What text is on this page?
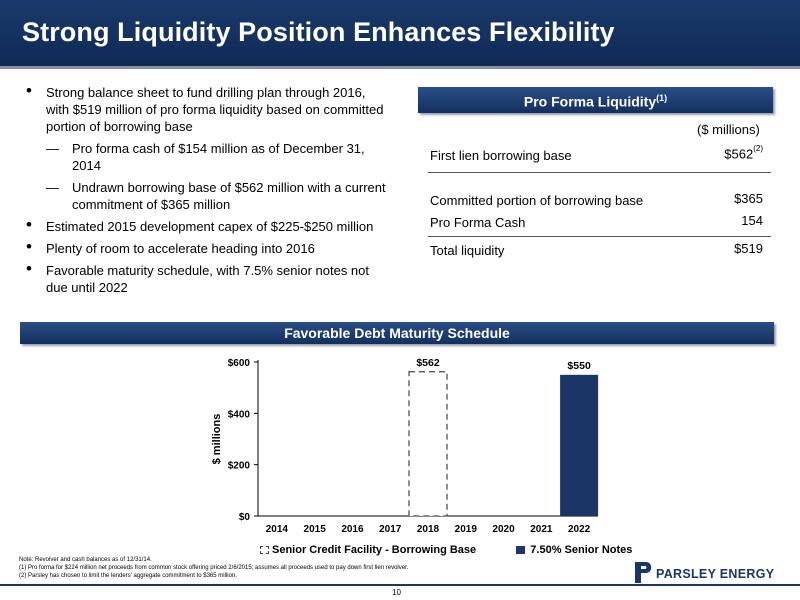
Strong Liquidity Position Enhances Flexibility
• Strong balance sheet to fund drilling plan through 2016, with $519 million of pro forma liquidity based on committed portion of borrowing base
— Pro forma cash of $154 million as of December 31, 2014
— Undrawn borrowing base of $562 million with a current commitment of $365 million
• Estimated 2015 development capex of $225-$250 million
• Plenty of room to accelerate heading into 2016
• Favorable maturity schedule, with 7.5% senior notes not due until 2022
Pro Forma Liquidity$^{(1)}$
($ millions)
First lien borrowing base	$562$^{(2)}$
Committed portion of borrowing base	$365
Pro Forma Cash	154
Total liquidity	$519
Favorable Debt Maturity Schedule
$0
$200
$400
$600
$ millions
2014 2015 2016 2017 2018 2019 2020 2021 2022
$562	$550
Senior Credit Facility - Borrowing Base	7.50% Senior Notes
Note: Revolver and cash balances as of 12/31/14.
(1) Pro forma for $224 million net proceeds from common stock offering priced 2/6/2015; assumes all proceeds used to pay down first lien revolver.
(2) Parsley has chosen to limit the lenders' aggregate commitment to $365 million.	PARSLEY ENERGY
10
